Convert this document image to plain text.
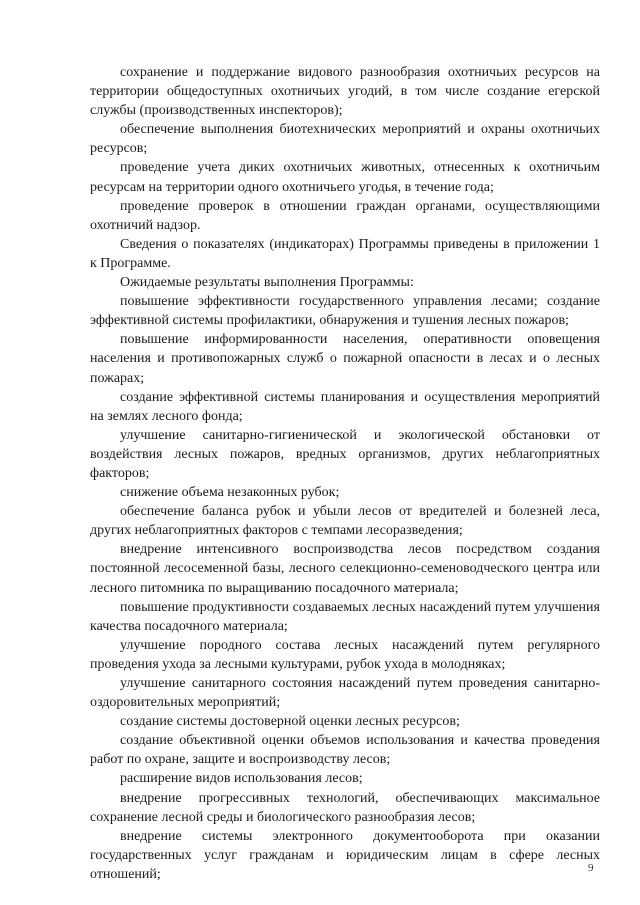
сохранение и поддержание видового разнообразия охотничьих ресурсов на территории общедоступных охотничьих угодий, в том числе создание егерской службы (производственных инспекторов);

обеспечение выполнения биотехнических мероприятий и охраны охотничьих ресурсов;

проведение учета диких охотничьих животных, отнесенных к охотничьим ресурсам на территории одного охотничьего угодья, в течение года;

проведение проверок в отношении граждан органами, осуществляющими охотничий надзор.

Сведения о показателях (индикаторах) Программы приведены в приложении 1 к Программе.

Ожидаемые результаты выполнения Программы:

повышение эффективности государственного управления лесами; создание эффективной системы профилактики, обнаружения и тушения лесных пожаров;

повышение информированности населения, оперативности оповещения населения и противопожарных служб о пожарной опасности в лесах и о лесных пожарах;

создание эффективной системы планирования и осуществления мероприятий на землях лесного фонда;

улучшение санитарно-гигиенической и экологической обстановки от воздействия лесных пожаров, вредных организмов, других неблагоприятных факторов;

снижение объема незаконных рубок;

обеспечение баланса рубок и убыли лесов от вредителей и болезней леса, других неблагоприятных факторов с темпами лесоразведения;

внедрение интенсивного воспроизводства лесов посредством создания постоянной лесосеменной базы, лесного селекционно-семеноводческого центра или лесного питомника по выращиванию посадочного материала;

повышение продуктивности создаваемых лесных насаждений путем улучшения качества посадочного материала;

улучшение породного состава лесных насаждений путем регулярного проведения ухода за лесными культурами, рубок ухода в молодняках;

улучшение санитарного состояния насаждений путем проведения санитарно-оздоровительных мероприятий;

создание системы достоверной оценки лесных ресурсов;

создание объективной оценки объемов использования и качества проведения работ по охране, защите и воспроизводству лесов;

расширение видов использования лесов;

внедрение прогрессивных технологий, обеспечивающих максимальное сохранение лесной среды и биологического разнообразия лесов;

внедрение системы электронного документооборота при оказании государственных услуг гражданам и юридическим лицам в сфере лесных отношений;	9
